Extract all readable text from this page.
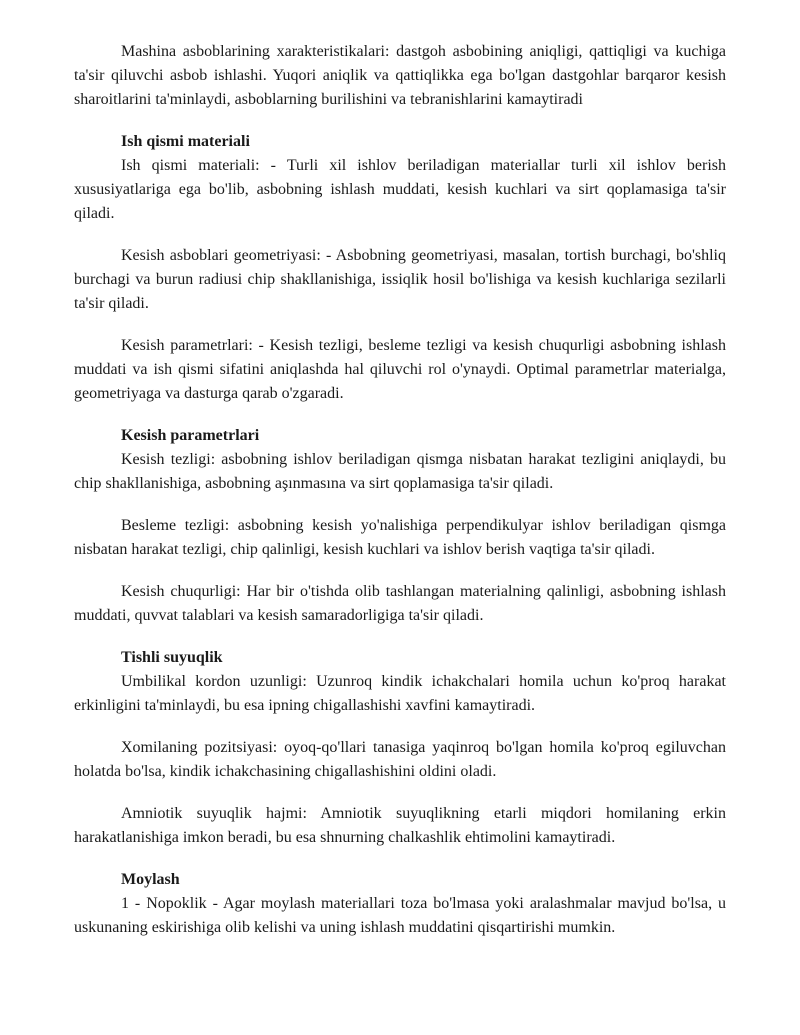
Mashina asboblarining xarakteristikalari: dastgoh asbobining aniqligi, qattiqligi va kuchiga ta'sir qiluvchi asbob ishlashi. Yuqori aniqlik va qattiqlikka ega bo'lgan dastgohlar barqaror kesish sharoitlarini ta'minlaydi, asboblarning burilishini va tebranishlarini kamaytiradi

Ish qismi materiali

Ish qismi materiali: - Turli xil ishlov beriladigan materiallar turli xil ishlov berish xususiyatlariga ega bo'lib, asbobning ishlash muddati, kesish kuchlari va sirt qoplamasiga ta'sir qiladi.

Kesish asboblari geometriyasi: - Asbobning geometriyasi, masalan, tortish burchagi, bo'shliq burchagi va burun radiusi chip shakllanishiga, issiqlik hosil bo'lishiga va kesish kuchlariga sezilarli ta'sir qiladi.

Kesish parametrlari: - Kesish tezligi, besleme tezligi va kesish chuqurligi asbobning ishlash muddati va ish qismi sifatini aniqlashda hal qiluvchi rol o'ynaydi. Optimal parametrlar materialga, geometriyaga va dasturga qarab o'zgaradi.

Kesish parametrlari

Kesish tezligi: asbobning ishlov beriladigan qismga nisbatan harakat tezligini aniqlaydi, bu chip shakllanishiga, asbobning aşınmasına va sirt qoplamasiga ta'sir qiladi.

Besleme tezligi: asbobning kesish yo'nalishiga perpendikulyar ishlov beriladigan qismga nisbatan harakat tezligi, chip qalinligi, kesish kuchlari va ishlov berish vaqtiga ta'sir qiladi.

Kesish chuqurligi: Har bir o'tishda olib tashlangan materialning qalinligi, asbobning ishlash muddati, quvvat talablari va kesish samaradorligiga ta'sir qiladi.

Tishli suyuqlik

Umbilikal kordon uzunligi: Uzunroq kindik ichakchalari homila uchun ko'proq harakat erkinligini ta'minlaydi, bu esa ipning chigallashishi xavfini kamaytiradi.

Xomilaning pozitsiyasi: oyoq-qo'llari tanasiga yaqinroq bo'lgan homila ko'proq egiluvchan holatda bo'lsa, kindik ichakchasining chigallashishini oldini oladi.

Amniotik suyuqlik hajmi: Amniotik suyuqlikning etarli miqdori homilaning erkin harakatlanishiga imkon beradi, bu esa shnurning chalkashlik ehtimolini kamaytiradi.

Moylash

1 - Nopoklik - Agar moylash materiallari toza bo'lmasa yoki aralashmalar mavjud bo'lsa, u uskunaning eskirishiga olib kelishi va uning ishlash muddatini qisqartirishi mumkin.
